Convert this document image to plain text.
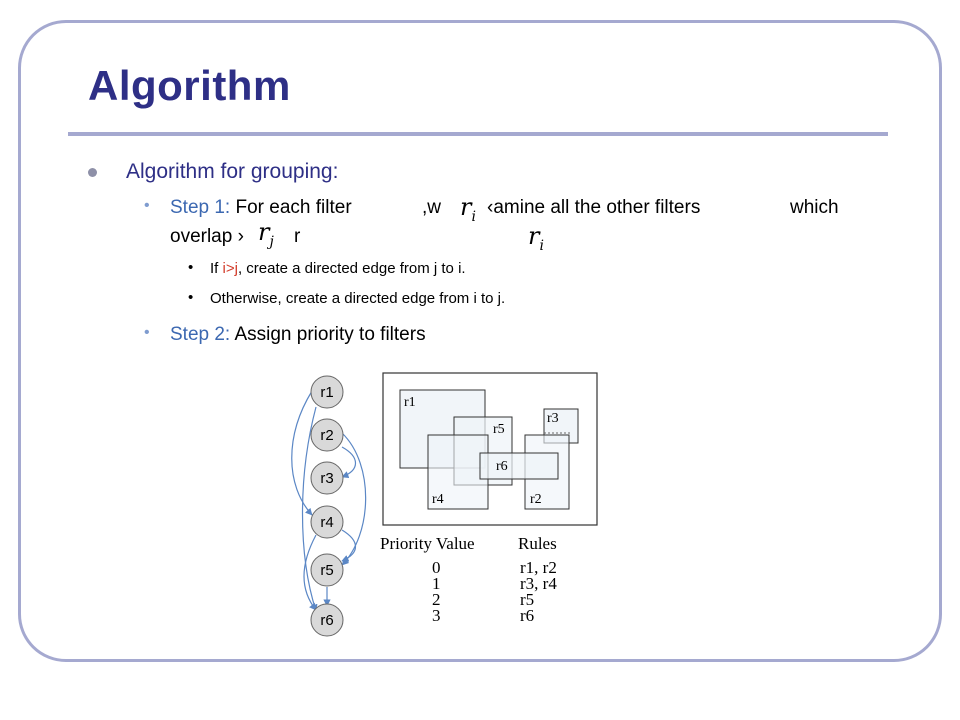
Algorithm
Algorithm for grouping:
• Step 1: For each filter	,w $r_i$ ‹amine all the other filters	which
overlap › $r_j$ r	$r_i$
• If i>j, create a directed edge from j to i.
• Otherwise, create a directed edge from i to j.
• Step 2: Assign priority to filters
r1
r2
r3
r4
r5
r6
r1
r5
r3
r6
r4	r2
Priority Value	Rules
0	r1, r2
1	r3, r4
2	r5
3	r6
